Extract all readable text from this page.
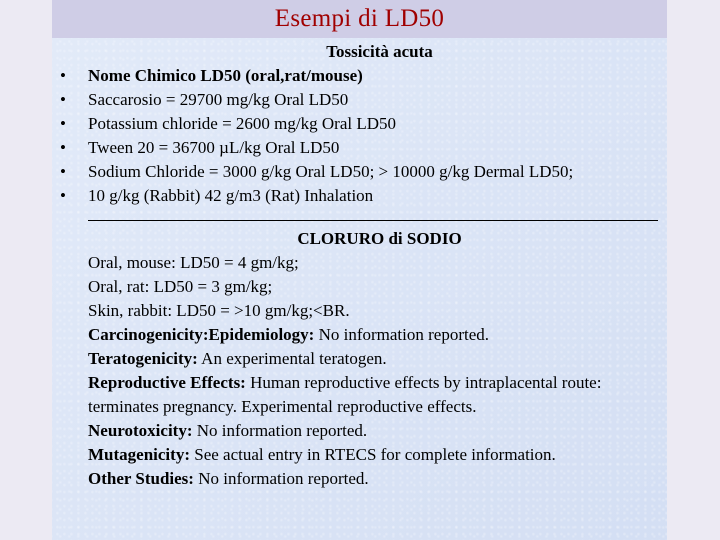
Esempi di LD50
Tossicità acuta
• Nome Chimico LD50 (oral,rat/mouse)
• Saccarosio = 29700 mg/kg Oral LD50
• Potassium chloride = 2600 mg/kg Oral LD50
• Tween 20 = 36700 µL/kg Oral LD50
• Sodium Chloride = 3000 g/kg Oral LD50; > 10000 g/kg Dermal LD50;
• 10 g/kg (Rabbit) 42 g/m3 (Rat) Inhalation
CLORURO di SODIO
Oral, mouse: LD50 = 4 gm/kg;
Oral, rat: LD50 = 3 gm/kg;
Skin, rabbit: LD50 = >10 gm/kg;<BR.
Carcinogenicity:Epidemiology: No information reported.
Teratogenicity: An experimental teratogen.
Reproductive Effects: Human reproductive effects by intraplacental route: terminates pregnancy. Experimental reproductive effects.
Neurotoxicity: No information reported.
Mutagenicity: See actual entry in RTECS for complete information.
Other Studies: No information reported.
